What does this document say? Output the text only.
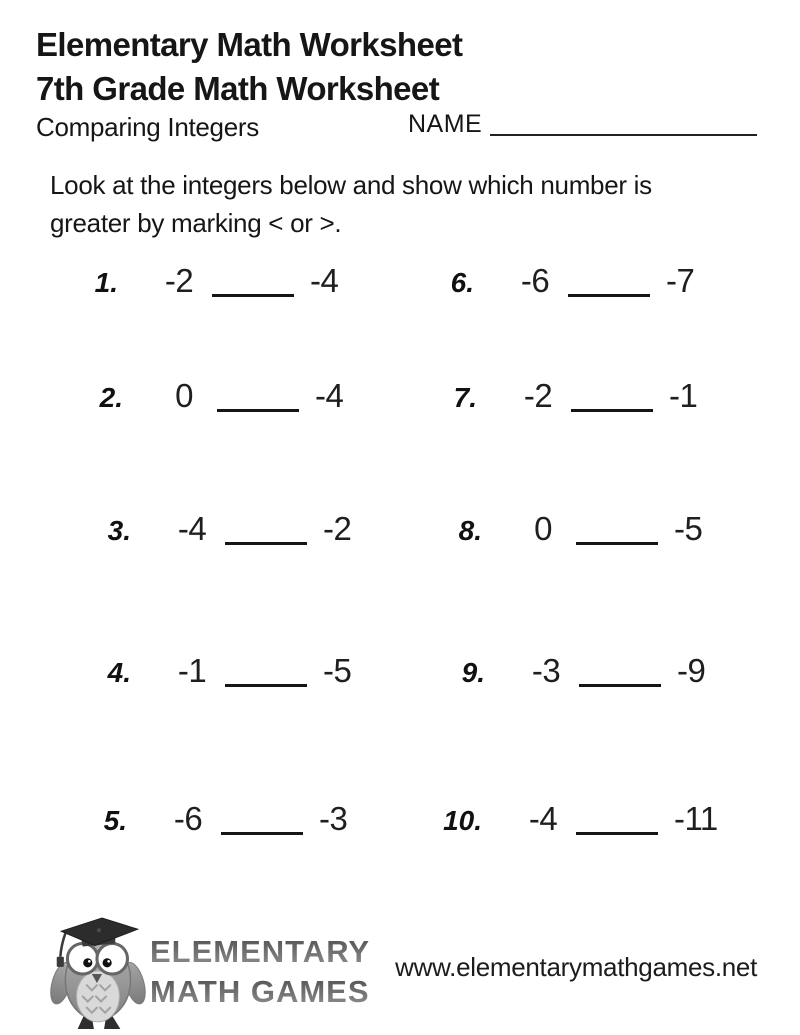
Elementary Math Worksheet
7th Grade Math Worksheet
Comparing Integers	NAME
Look at the integers below and show which number is
greater by marking < or >.
1.	-2	-4	6.	-6	-7
2.	0	-4	7.	-2	-1
3.	-4	-2	8.	0	-5
4.	-1	-5	9.	-3	-9
5.	-6	-3	10.	-4	-11
ELEMENTARY
MATH GAMES
www.elementarymathgames.net
